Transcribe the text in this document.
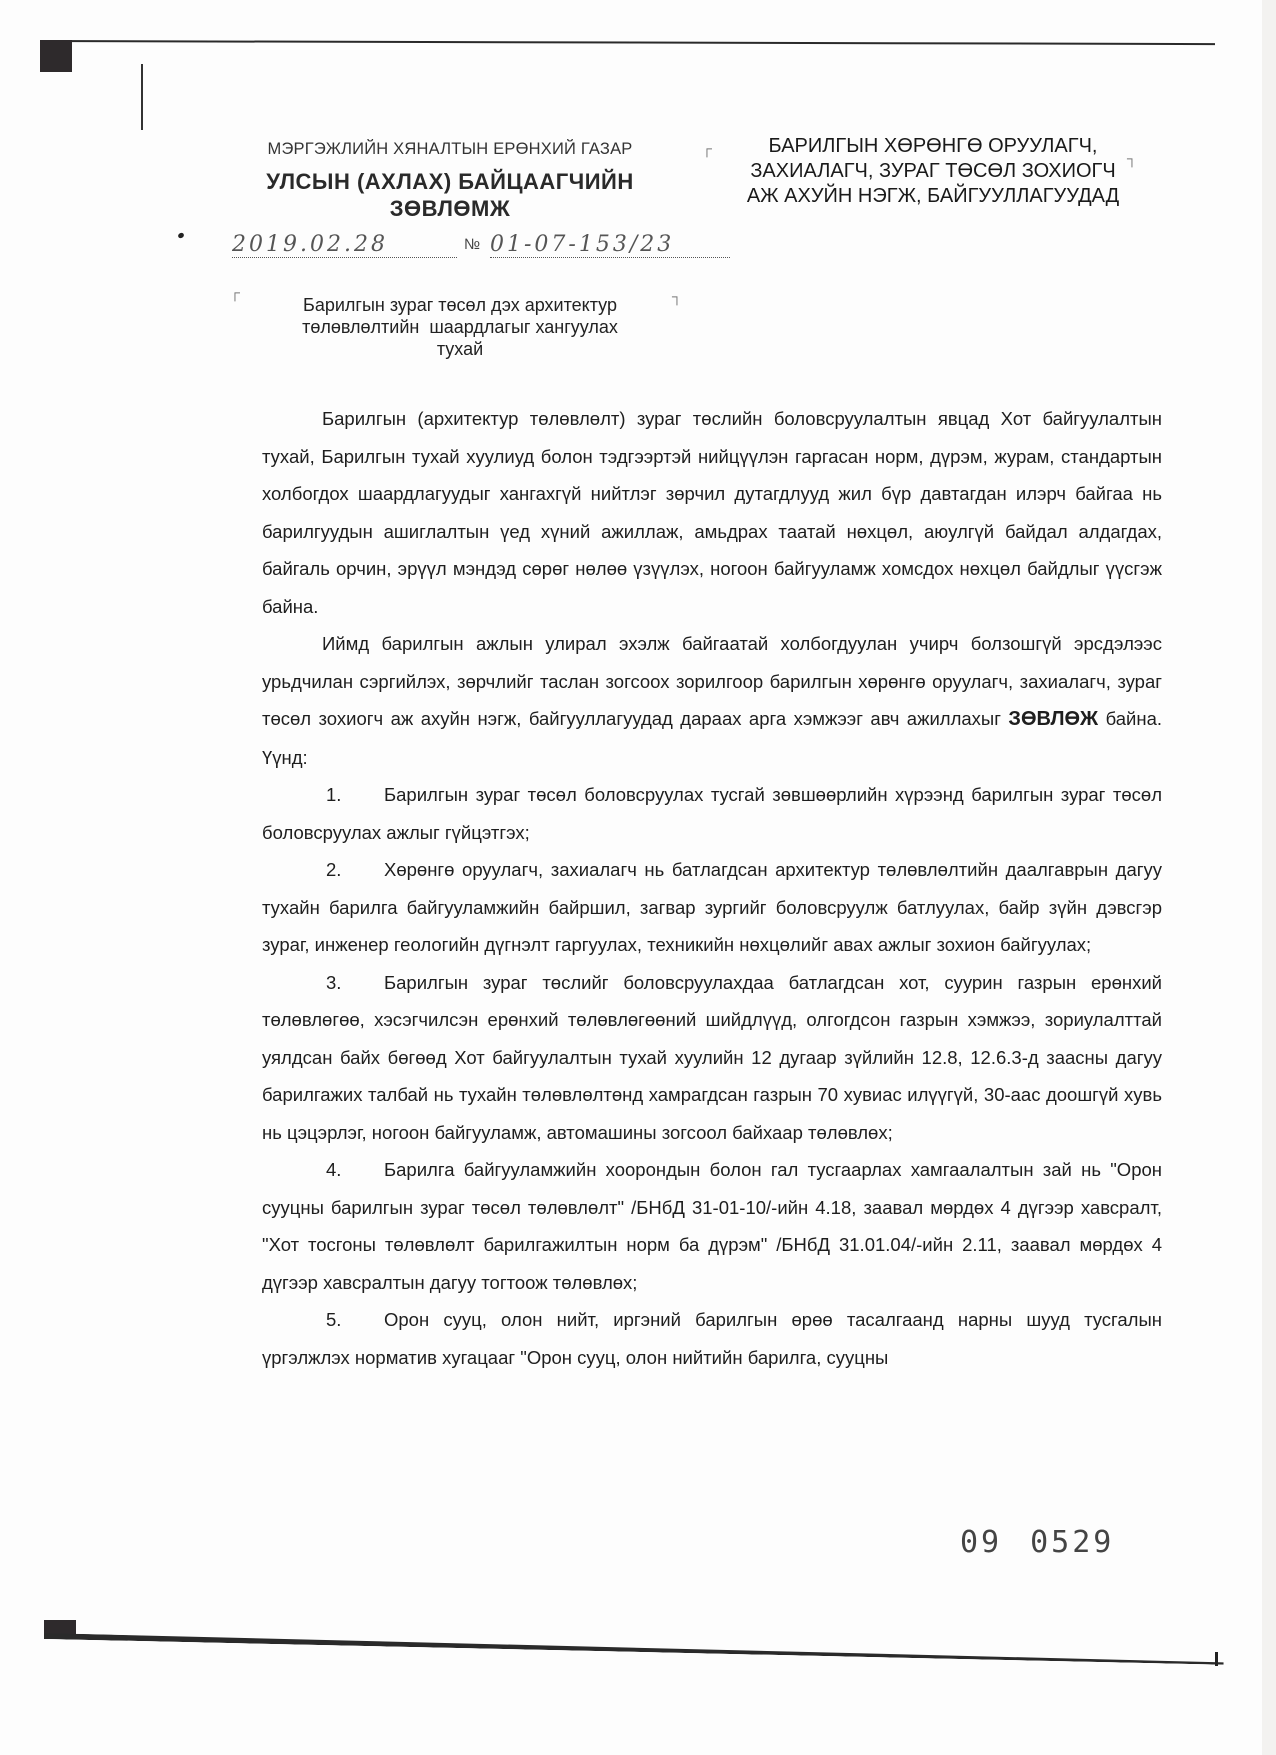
МЭРГЭЖЛИЙН ХЯНАЛТЫН ЕРӨНХИЙ ГАЗАР
УЛСЫН (АХЛАХ) БАЙЦААГЧИЙН
ЗӨВЛӨМЖ
2019.02.28	№ 01-07-153/23
┌
┐
БАРИЛГЫН ХӨРӨНГӨ ОРУУЛАГЧ,
ЗАХИАЛАГЧ, ЗУРАГ ТӨСӨЛ ЗОХИОГЧ
АЖ АХУЙН НЭГЖ, БАЙГУУЛЛАГУУДАД
┌	┐
Барилгын зураг төсөл дэх архитектур
төлөвлөлтийн  шаардлагыг хангуулах
тухай

Барилгын (архитектур төлөвлөлт) зураг төслийн боловсруулалтын явцад Хот байгуулалтын тухай, Барилгын тухай хуулиуд болон тэдгээртэй нийцүүлэн гаргасан норм, дүрэм, журам, стандартын холбогдох шаардлагуудыг хангахгүй нийтлэг зөрчил дутагдлууд жил бүр давтагдан илэрч байгаа нь барилгуудын ашиглалтын үед хүний ажиллаж, амьдрах таатай нөхцөл, аюулгүй байдал алдагдах, байгаль орчин, эрүүл мэндэд сөрөг нөлөө үзүүлэх, ногоон байгууламж хомсдох нөхцөл байдлыг үүсгэж байна.

Иймд барилгын ажлын улирал эхэлж байгаатай холбогдуулан учирч болзошгүй эрсдэлээс урьдчилан сэргийлэх, зөрчлийг таслан зогсоох зорилгоор барилгын хөрөнгө оруулагч, захиалагч, зураг төсөл зохиогч аж ахуйн нэгж, байгууллагуудад дараах арга хэмжээг авч ажиллахыг ЗӨВЛӨЖ байна. Үүнд:

1. Барилгын зураг төсөл боловсруулах тусгай зөвшөөрлийн хүрээнд барилгын зураг төсөл боловсруулах ажлыг гүйцэтгэх;

2. Хөрөнгө оруулагч, захиалагч нь батлагдсан архитектур төлөвлөлтийн даалгаврын дагуу тухайн барилга байгууламжийн байршил, загвар зургийг боловсруулж батлуулах, байр зүйн дэвсгэр зураг, инженер геологийн дүгнэлт гаргуулах, техникийн нөхцөлийг авах ажлыг зохион байгуулах;

3. Барилгын зураг төслийг боловсруулахдаа батлагдсан хот, суурин газрын ерөнхий төлөвлөгөө, хэсэгчилсэн ерөнхий төлөвлөгөөний шийдлүүд, олгогдсон газрын хэмжээ, зориулалттай уялдсан байх бөгөөд Хот байгуулалтын тухай хуулийн 12 дугаар зүйлийн 12.8, 12.6.3-д заасны дагуу барилгажих талбай нь тухайн төлөвлөлтөнд хамрагдсан газрын 70 хувиас илүүгүй, 30-аас доошгүй хувь нь цэцэрлэг, ногоон байгууламж, автомашины зогсоол байхаар төлөвлөх;

4. Барилга байгууламжийн хоорондын болон гал тусгаарлах хамгаалалтын зай нь "Орон сууцны барилгын зураг төсөл төлөвлөлт" /БНбД 31-01-10/-ийн 4.18, заавал мөрдөх 4 дүгээр хавсралт, "Хот тосгоны төлөвлөлт барилгажилтын норм ба дүрэм" /БНбД 31.01.04/-ийн 2.11, заавал мөрдөх 4 дүгээр хавсралтын дагуу тогтоож төлөвлөх;

5. Орон сууц, олон нийт, иргэний барилгын өрөө тасалгаанд нарны шууд тусгалын үргэлжлэх норматив хугацааг "Орон сууц, олон нийтийн барилга, сууцны

09 0529
